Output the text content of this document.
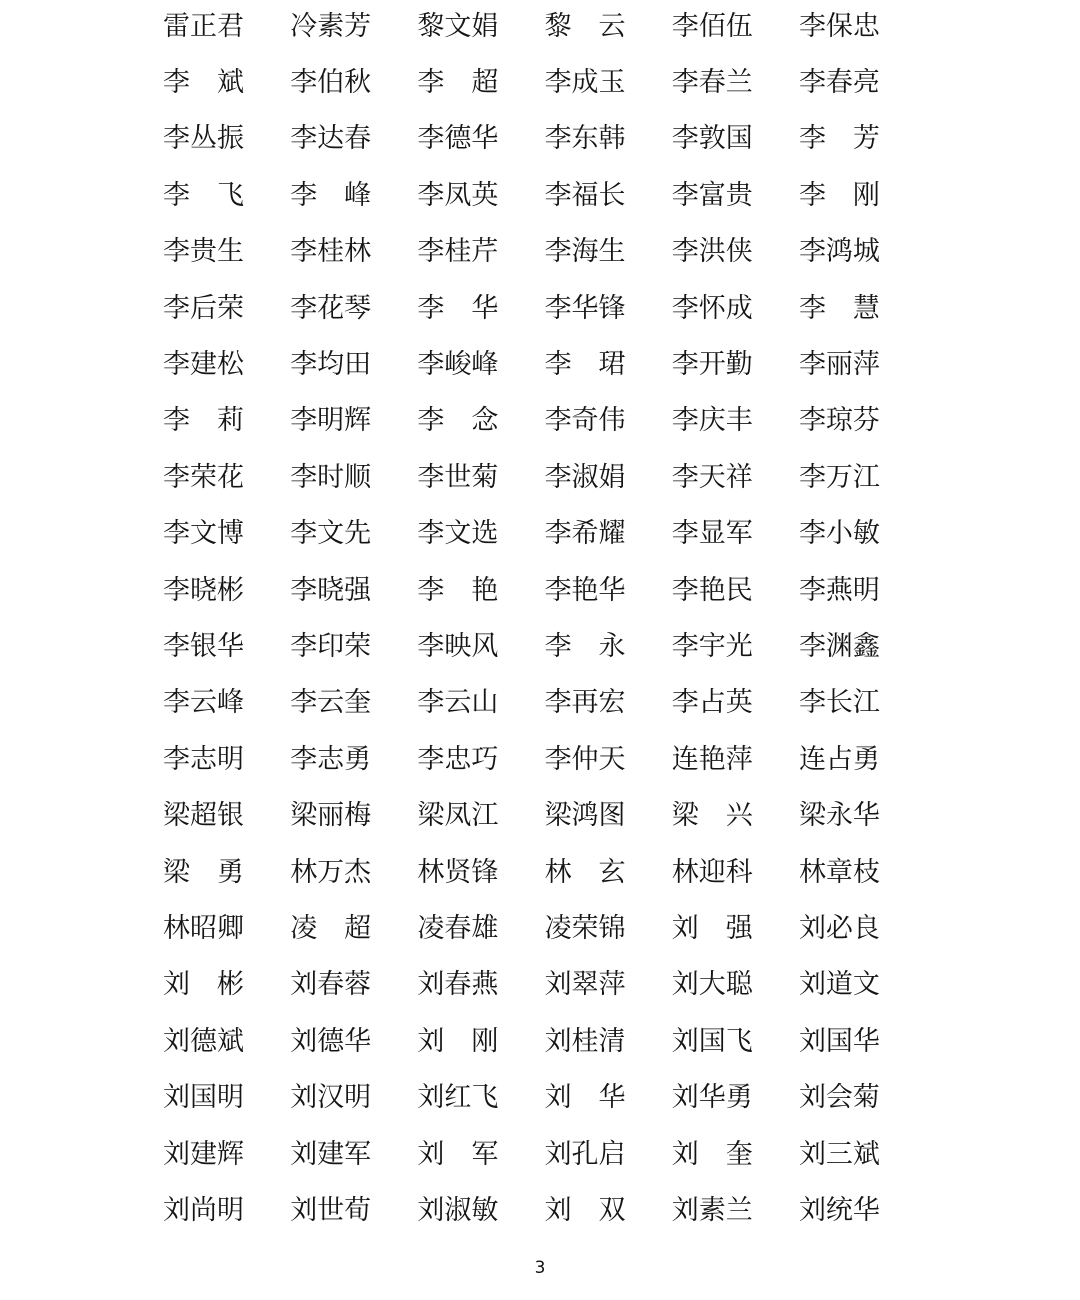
雷正君 冷素芳 黎文娟 黎　云 李佰伍 李保忠
李　斌 李伯秋 李　超 李成玉 李春兰 李春亮
李丛振 李达春 李德华 李东韩 李敦国 李　芳
李　飞 李　峰 李凤英 李福长 李富贵 李　刚
李贵生 李桂林 李桂芹 李海生 李洪侠 李鸿城
李后荣 李花琴 李　华 李华锋 李怀成 李　慧
李建松 李均田 李峻峰 李　珺 李开勤 李丽萍
李　莉 李明辉 李　念 李奇伟 李庆丰 李琼芬
李荣花 李时顺 李世菊 李淑娟 李天祥 李万江
李文博 李文先 李文选 李希耀 李显军 李小敏
李晓彬 李晓强 李　艳 李艳华 李艳民 李燕明
李银华 李印荣 李映风 李　永 李宇光 李渊鑫
李云峰 李云奎 李云山 李再宏 李占英 李长江
李志明 李志勇 李忠巧 李仲天 连艳萍 连占勇
梁超银 梁丽梅 梁凤江 梁鸿图 梁　兴 梁永华
梁　勇 林万杰 林贤锋 林　玄 林迎科 林章枝
林昭卿 凌　超 凌春雄 凌荣锦 刘　强 刘必良
刘　彬 刘春蓉 刘春燕 刘翠萍 刘大聪 刘道文
刘德斌 刘德华 刘　刚 刘桂清 刘国飞 刘国华
刘国明 刘汉明 刘红飞 刘　华 刘华勇 刘会菊
刘建辉 刘建军 刘　军 刘孔启 刘　奎 刘三斌
刘尚明 刘世荀 刘淑敏 刘　双 刘素兰 刘统华
3
